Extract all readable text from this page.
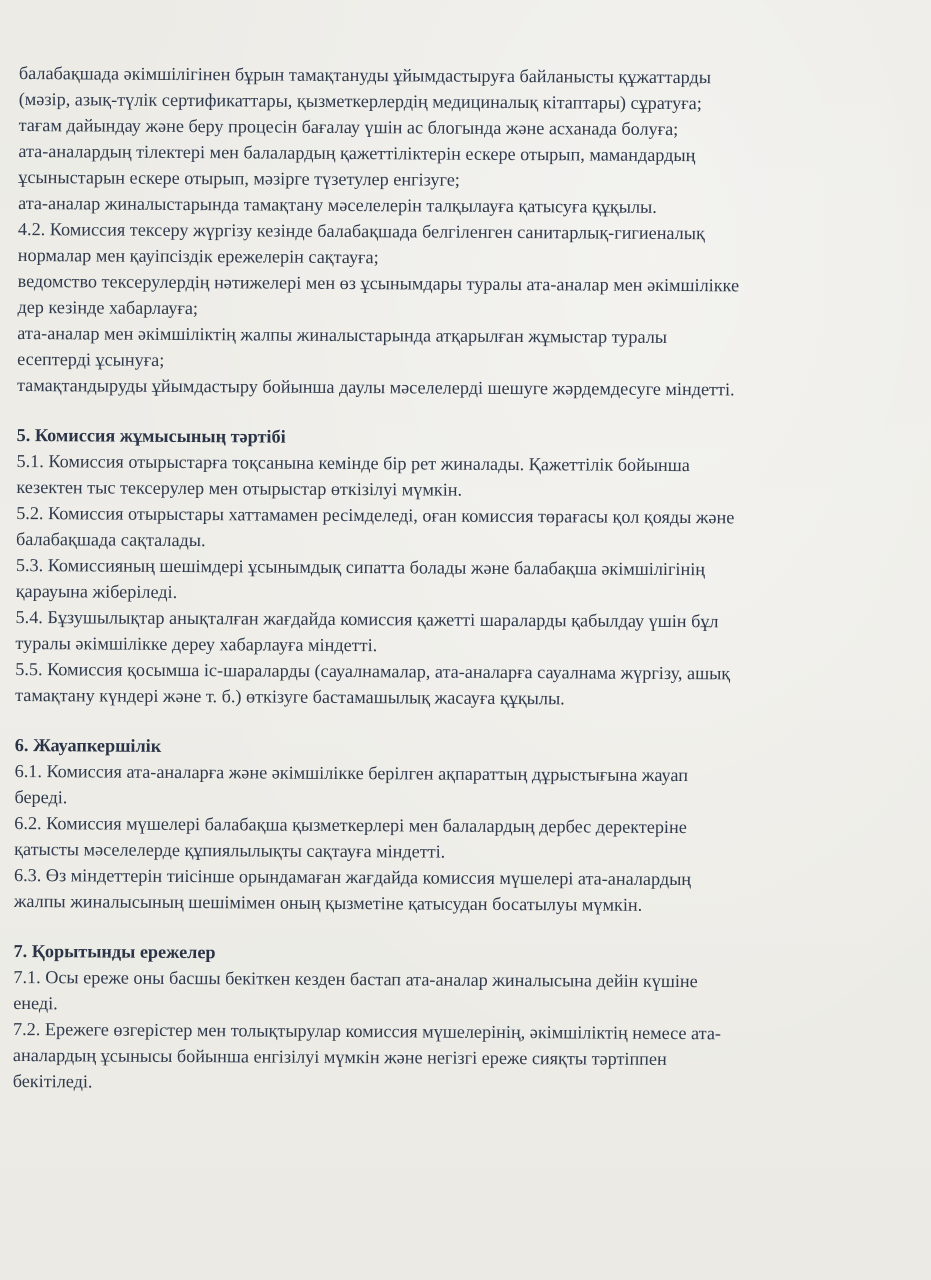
балабақшада әкімшілігінен бұрын тамақтануды ұйымдастыруға байланысты құжаттарды
(мәзір, азық-түлік сертификаттары, қызметкерлердің медициналық кітаптары) сұратуға;
тағам дайындау және беру процесін бағалау үшін ас блогында және асханада болуға;
ата-аналардың тілектері мен балалардың қажеттіліктерін ескере отырып, мамандардың
ұсыныстарын ескере отырып, мәзірге түзетулер енгізуге;
ата-аналар жиналыстарында тамақтану мәселелерін талқылауға қатысуға құқылы.
4.2. Комиссия тексеру жүргізу кезінде балабақшада белгіленген санитарлық-гигиеналық
нормалар мен қауіпсіздік ережелерін сақтауға;
ведомство тексерулердің нәтижелері мен өз ұсынымдары туралы ата-аналар мен әкімшілікке
дер кезінде хабарлауға;
ата-аналар мен әкімшіліктің жалпы жиналыстарында атқарылған жұмыстар туралы
есептерді ұсынуға;
тамақтандыруды ұйымдастыру бойынша даулы мәселелерді шешуге жәрдемдесуге міндетті.
5. Комиссия жұмысының тәртібі
5.1. Комиссия отырыстарға тоқсанына кемінде бір рет жиналады. Қажеттілік бойынша
кезектен тыс тексерулер мен отырыстар өткізілуі мүмкін.
5.2. Комиссия отырыстары хаттамамен ресімделеді, оған комиссия төрағасы қол қояды және
балабақшада сақталады.
5.3. Комиссияның шешімдері ұсынымдық сипатта болады және балабақша әкімшілігінің
қарауына жіберіледі.
5.4. Бұзушылықтар анықталған жағдайда комиссия қажетті шараларды қабылдау үшін бұл
туралы әкімшілікке дереу хабарлауға міндетті.
5.5. Комиссия қосымша іс-шараларды (сауалнамалар, ата-аналарға сауалнама жүргізу, ашық
тамақтану күндері және т. б.) өткізуге бастамашылық жасауға құқылы.
6. Жауапкершілік
6.1. Комиссия ата-аналарға және әкімшілікке берілген ақпараттың дұрыстығына жауап
береді.
6.2. Комиссия мүшелері балабақша қызметкерлері мен балалардың дербес деректеріне
қатысты мәселелерде құпиялылықты сақтауға міндетті.
6.3. Өз міндеттерін тиісінше орындамаған жағдайда комиссия мүшелері ата-аналардың
жалпы жиналысының шешімімен оның қызметіне қатысудан босатылуы мүмкін.
7. Қорытынды ережелер
7.1. Осы ереже оны басшы бекіткен кезден бастап ата-аналар жиналысына дейін күшіне
енеді.
7.2. Ережеге өзгерістер мен толықтырулар комиссия мүшелерінің, әкімшіліктің немесе ата-
аналардың ұсынысы бойынша енгізілуі мүмкін және негізгі ереже сияқты тәртіппен
бекітіледі.
